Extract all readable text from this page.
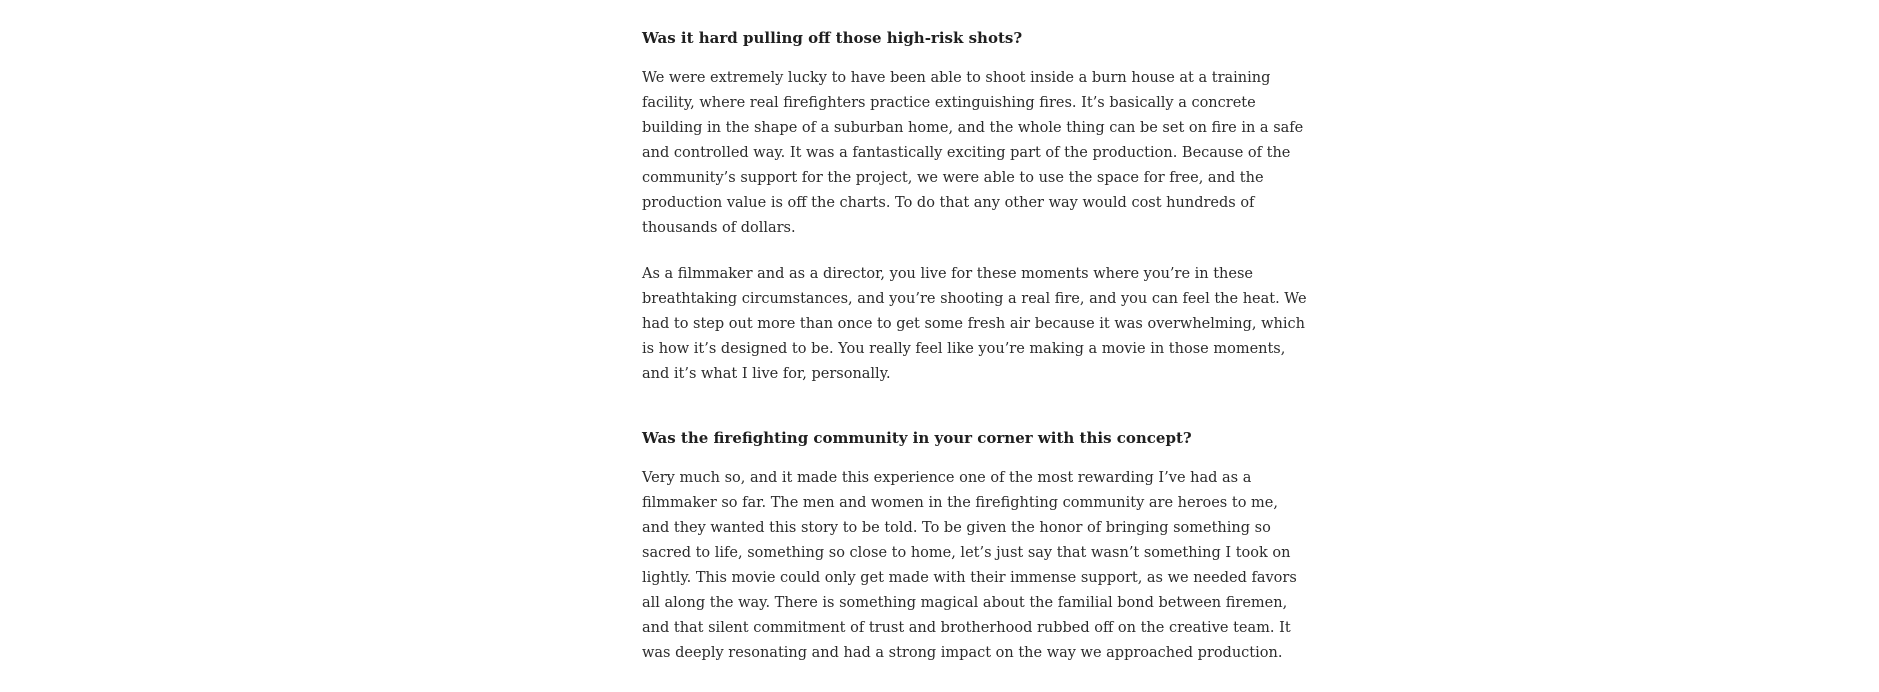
Was it hard pulling off those high-risk shots?
We were extremely lucky to have been able to shoot inside a burn house at a training
facility, where real firefighters practice extinguishing fires. It’s basically a concrete
building in the shape of a suburban home, and the whole thing can be set on fire in a safe
and controlled way. It was a fantastically exciting part of the production. Because of the
community’s support for the project, we were able to use the space for free, and the
production value is off the charts. To do that any other way would cost hundreds of
thousands of dollars.
As a filmmaker and as a director, you live for these moments where you’re in these
breathtaking circumstances, and you’re shooting a real fire, and you can feel the heat. We
had to step out more than once to get some fresh air because it was overwhelming, which
is how it’s designed to be. You really feel like you’re making a movie in those moments,
and it’s what I live for, personally.
Was the firefighting community in your corner with this concept?
Very much so, and it made this experience one of the most rewarding I’ve had as a
filmmaker so far. The men and women in the firefighting community are heroes to me,
and they wanted this story to be told. To be given the honor of bringing something so
sacred to life, something so close to home, let’s just say that wasn’t something I took on
lightly. This movie could only get made with their immense support, as we needed favors
all along the way. There is something magical about the familial bond between firemen,
and that silent commitment of trust and brotherhood rubbed off on the creative team. It
was deeply resonating and had a strong impact on the way we approached production.
